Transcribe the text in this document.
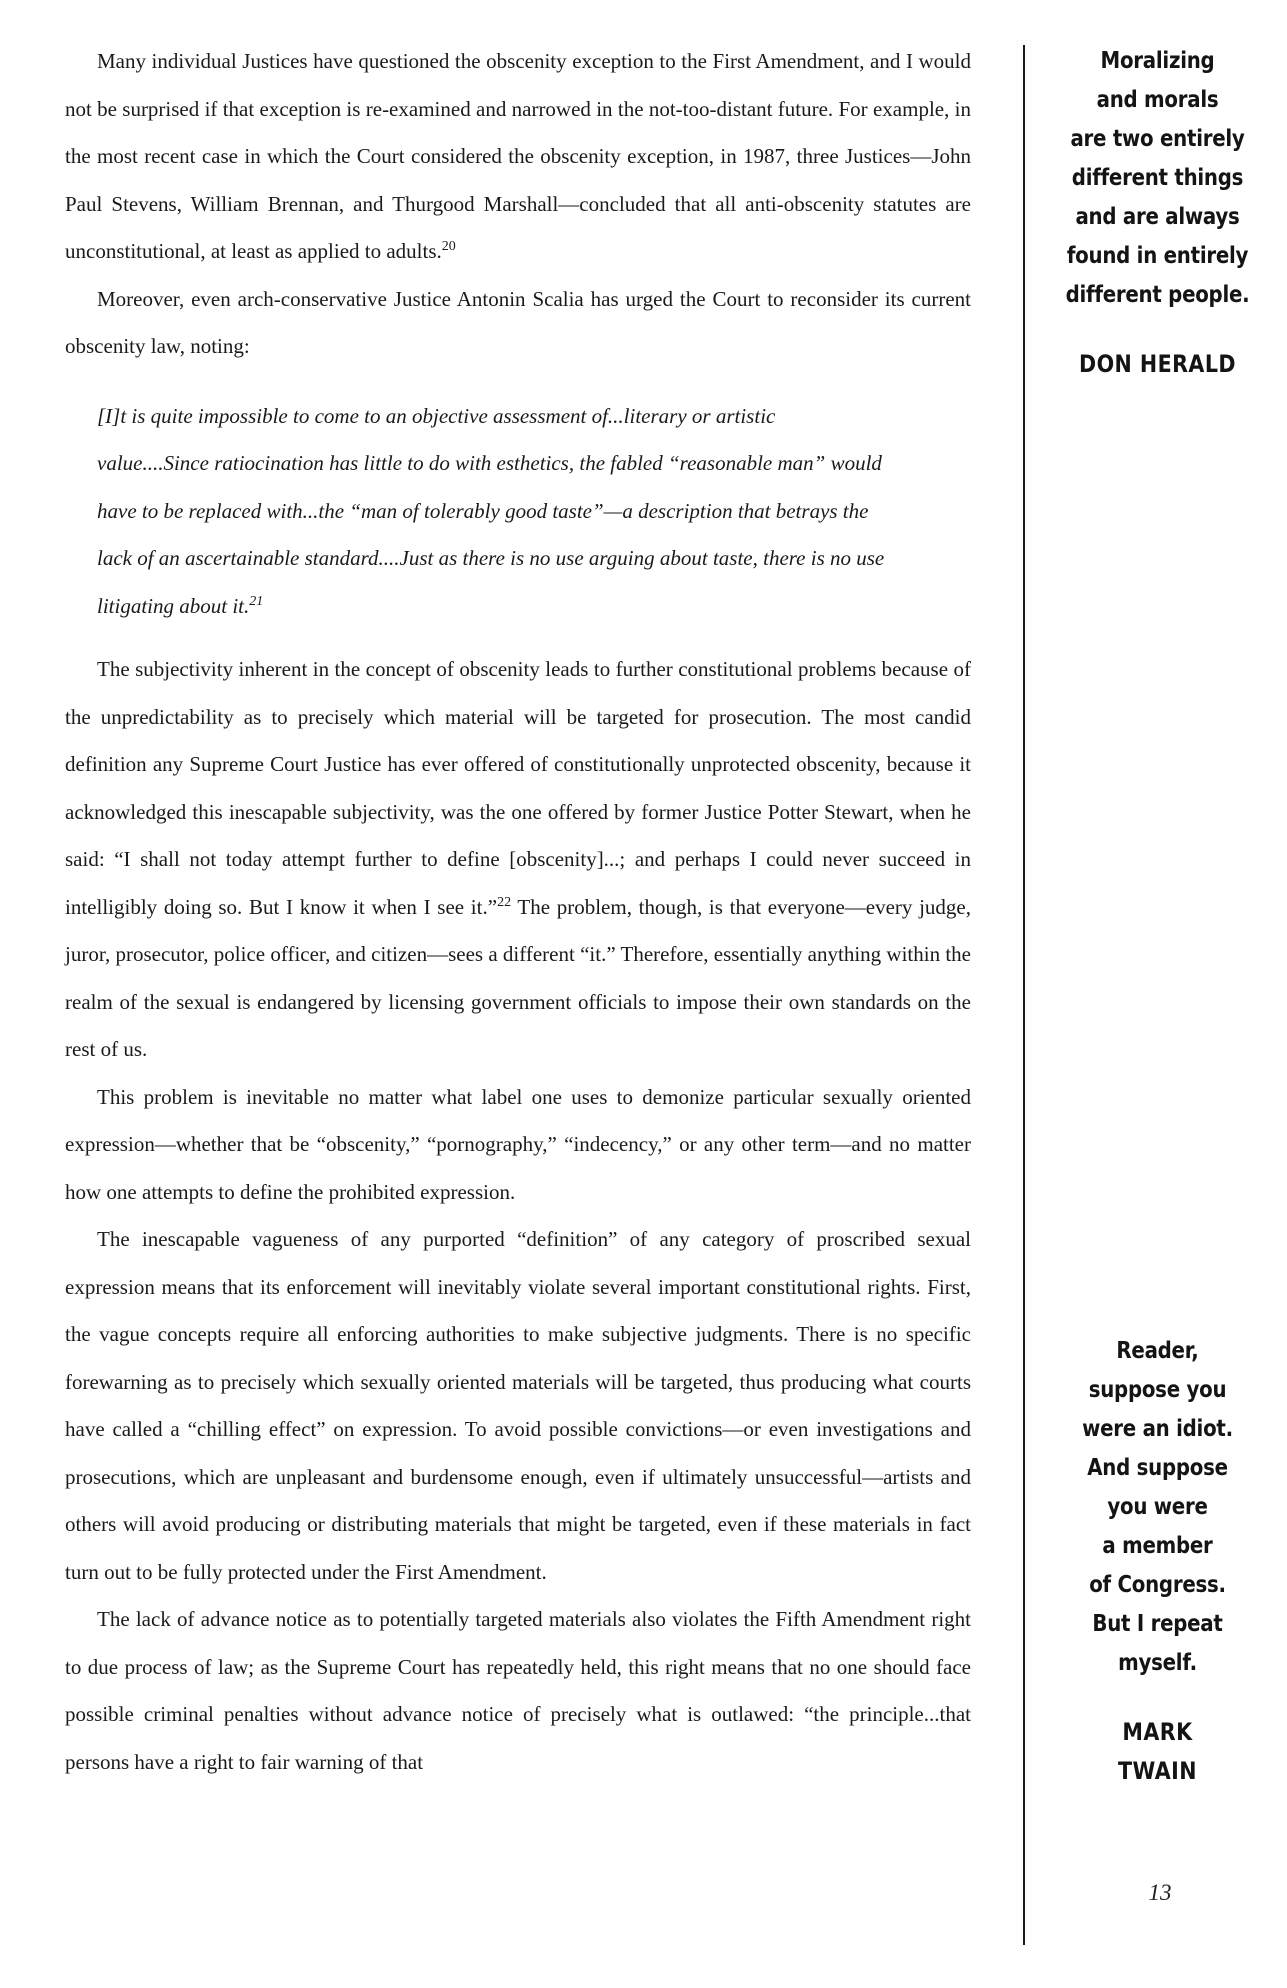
Many individual Justices have questioned the obscenity exception to the First Amendment, and I would not be surprised if that exception is re-examined and narrowed in the not-too-distant future. For example, in the most recent case in which the Court considered the obscenity exception, in 1987, three Justices—John Paul Stevens, William Brennan, and Thurgood Marshall—concluded that all anti-obscenity statutes are unconstitutional, at least as applied to adults.$^{20}$

Moreover, even arch-conservative Justice Antonin Scalia has urged the Court to reconsider its current obscenity law, noting:

[I]t is quite impossible to come to an objective assessment of...literary or artistic value....Since ratiocination has little to do with esthetics, the fabled “reasonable man” would have to be replaced with...the “man of tolerably good taste”—a description that betrays the lack of an ascertainable standard....Just as there is no use arguing about taste, there is no use litigating about it.$^{21}$

The subjectivity inherent in the concept of obscenity leads to further constitutional problems because of the unpredictability as to precisely which material will be targeted for prosecution. The most candid definition any Supreme Court Justice has ever offered of constitutionally unprotected obscenity, because it acknowledged this inescapable subjectivity, was the one offered by former Justice Potter Stewart, when he said: “I shall not today attempt further to define [obscenity]...; and perhaps I could never succeed in intelligibly doing so. But I know it when I see it.”$^{22}$ The problem, though, is that everyone—every judge, juror, prosecutor, police officer, and citizen—sees a different “it.” Therefore, essentially anything within the realm of the sexual is endangered by licensing government officials to impose their own standards on the rest of us.

This problem is inevitable no matter what label one uses to demonize particular sexually oriented expression—whether that be “obscenity,” “pornography,” “indecency,” or any other term—and no matter how one attempts to define the prohibited expression.

The inescapable vagueness of any purported “definition” of any category of proscribed sexual expression means that its enforcement will inevitably violate several important constitutional rights. First, the vague concepts require all enforcing authorities to make subjective judgments. There is no specific forewarning as to precisely which sexually oriented materials will be targeted, thus producing what courts have called a “chilling effect” on expression. To avoid possible convictions—or even investigations and prosecutions, which are unpleasant and burdensome enough, even if ultimately unsuccessful—artists and others will avoid producing or distributing materials that might be targeted, even if these materials in fact turn out to be fully protected under the First Amendment.

The lack of advance notice as to potentially targeted materials also violates the Fifth Amendment right to due process of law; as the Supreme Court has repeatedly held, this right means that no one should face possible criminal penalties without advance notice of precisely what is outlawed: “the principle...that persons have a right to fair warning of that

Moralizing
and morals
are two entirely
different things
and are always
found in entirely
different people.
DON HERALD
Reader,
suppose you
were an idiot.
And suppose
you were
a member
of Congress.
But I repeat
myself.
MARK
TWAIN
13
